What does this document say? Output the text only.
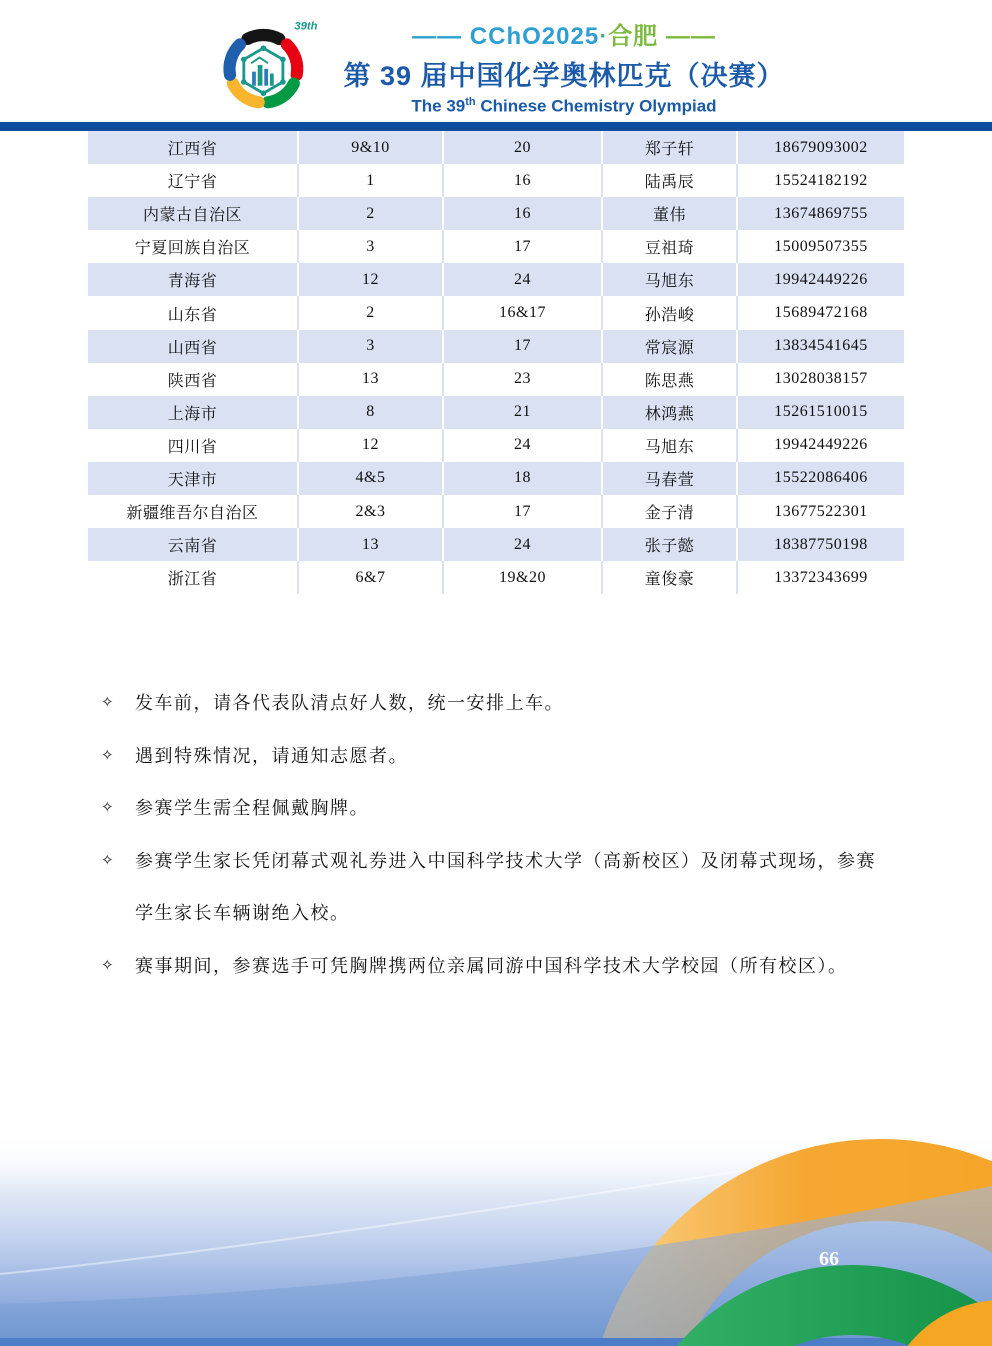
39th	—— CChO2025·合肥 ——
第 39 届中国化学奥林匹克（决赛）
The 39th Chinese Chemistry Olympiad
江西省	9&10	20	郑子轩	18679093002
辽宁省	1	16	陆禹辰	15524182192
内蒙古自治区	2	16	董伟	13674869755
宁夏回族自治区	3	17	豆祖琦	15009507355
青海省	12	24	马旭东	19942449226
山东省	2	16&17	孙浩峻	15689472168
山西省	3	17	常宸源	13834541645
陕西省	13	23	陈思燕	13028038157
上海市	8	21	林鸿燕	15261510015
四川省	12	24	马旭东	19942449226
天津市	4&5	18	马春萱	15522086406
新疆维吾尔自治区	2&3	17	金子清	13677522301
云南省	13	24	张子懿	18387750198
浙江省	6&7	19&20	童俊豪	13372343699
✧ 发车前，请各代表队清点好人数，统一安排上车。
✧ 遇到特殊情况，请通知志愿者。
✧ 参赛学生需全程佩戴胸牌。
✧ 参赛学生家长凭闭幕式观礼券进入中国科学技术大学（高新校区）及闭幕式现场，参赛学生家长车辆谢绝入校。
✧ 赛事期间，参赛选手可凭胸牌携两位亲属同游中国科学技术大学校园（所有校区）。
66
